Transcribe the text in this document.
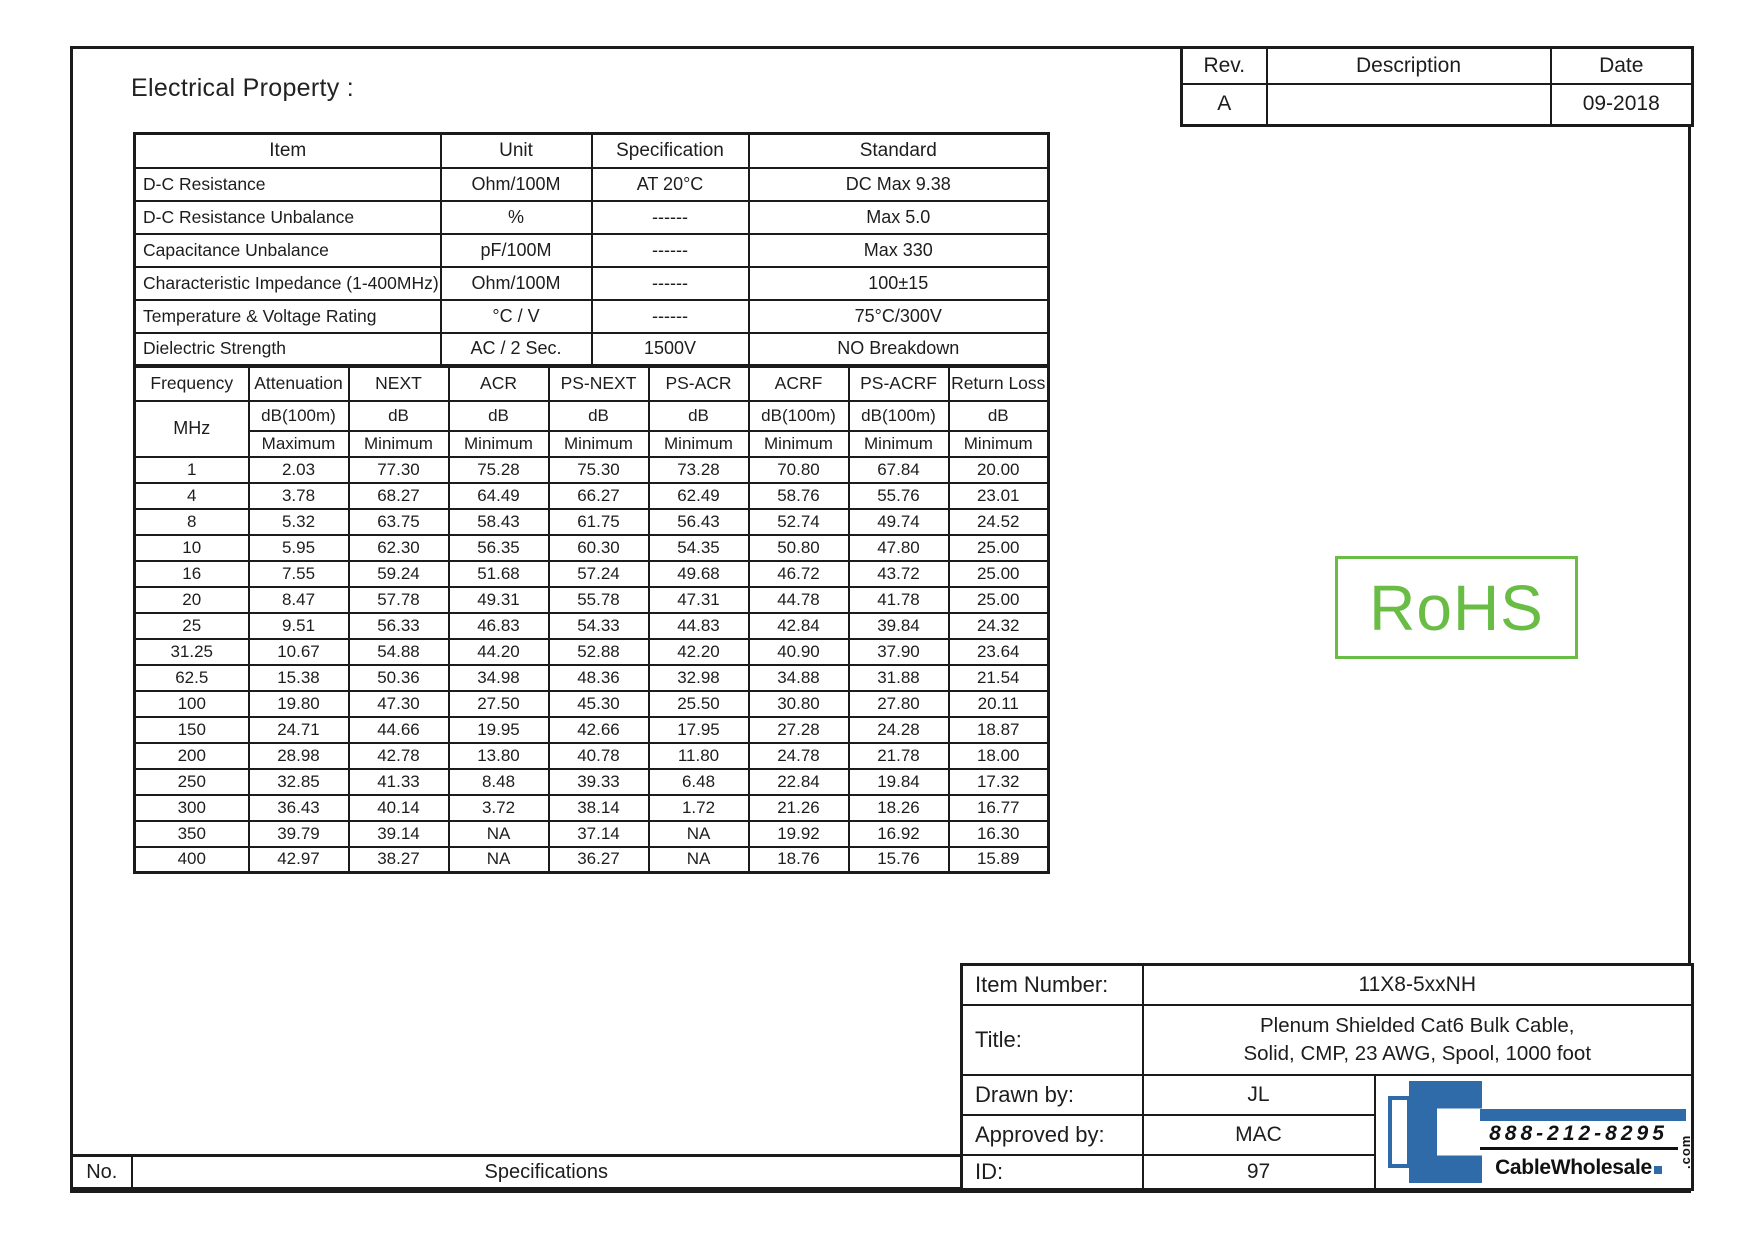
Rev.	Description	Date
A		09-2018
Electrical Property :
Item	Unit	Specification	Standard
D-C Resistance	Ohm/100M	AT 20°C	DC Max 9.38
D-C Resistance Unbalance	%	------	Max 5.0
Capacitance Unbalance	pF/100M	------	Max 330
Characteristic Impedance (1-400MHz)	Ohm/100M	------	100±15
Temperature & Voltage Rating	°C / V	------	75°C/300V
Dielectric Strength	AC / 2 Sec.	1500V	NO Breakdown
Frequency	Attenuation	NEXT	ACR	PS-NEXT	PS-ACR	ACRF	PS-ACRF	Return Loss
MHz	dB(100m)	dB	dB	dB	dB	dB(100m)	dB(100m)	dB
	Maximum	Minimum	Minimum	Minimum	Minimum	Minimum	Minimum	Minimum
1	2.03	77.30	75.28	75.30	73.28	70.80	67.84	20.00
4	3.78	68.27	64.49	66.27	62.49	58.76	55.76	23.01
8	5.32	63.75	58.43	61.75	56.43	52.74	49.74	24.52
10	5.95	62.30	56.35	60.30	54.35	50.80	47.80	25.00
16	7.55	59.24	51.68	57.24	49.68	46.72	43.72	25.00
20	8.47	57.78	49.31	55.78	47.31	44.78	41.78	25.00
25	9.51	56.33	46.83	54.33	44.83	42.84	39.84	24.32
31.25	10.67	54.88	44.20	52.88	42.20	40.90	37.90	23.64
62.5	15.38	50.36	34.98	48.36	32.98	34.88	31.88	21.54
100	19.80	47.30	27.50	45.30	25.50	30.80	27.80	20.11
150	24.71	44.66	19.95	42.66	17.95	27.28	24.28	18.87
200	28.98	42.78	13.80	40.78	11.80	24.78	21.78	18.00
250	32.85	41.33	8.48	39.33	6.48	22.84	19.84	17.32
300	36.43	40.14	3.72	38.14	1.72	21.26	18.26	16.77
350	39.79	39.14	NA	37.14	NA	19.92	16.92	16.30
400	42.97	38.27	NA	36.27	NA	18.76	15.76	15.89
RoHS
Item Number:	11X8-5xxNH	
Title:	Plenum Shielded Cat6 Bulk Cable,
Solid, CMP, 23 AWG, Spool, 1000 foot	

Drawn by:	JL	888-212-8295
CableWholesale .com

Approved by:	MAC	
ID:	97	
No.	Specifications
